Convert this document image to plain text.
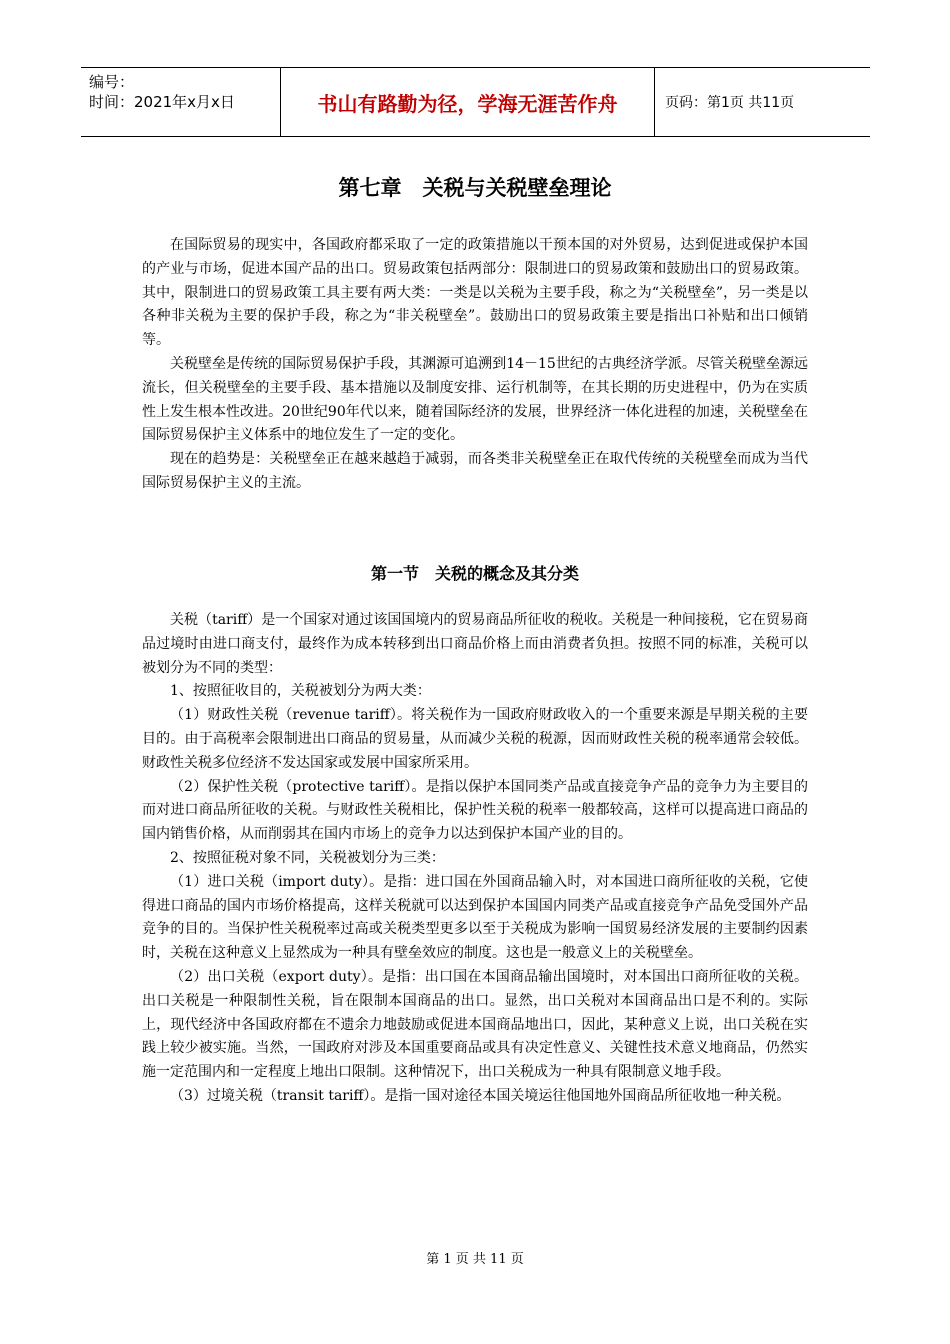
编号：
时间：2021年x月x日	书山有路勤为径，学海无涯苦作舟	页码：第1页 共11页
第七章　关税与关税壁垒理论

在国际贸易的现实中，各国政府都采取了一定的政策措施以干预本国的对外贸易，达到促进或保护本国的产业与市场，促进本国产品的出口。贸易政策包括两部分：限制进口的贸易政策和鼓励出口的贸易政策。其中，限制进口的贸易政策工具主要有两大类：一类是以关税为主要手段，称之为“关税壁垒”，另一类是以各种非关税为主要的保护手段，称之为“非关税壁垒”。鼓励出口的贸易政策主要是指出口补贴和出口倾销等。

关税壁垒是传统的国际贸易保护手段，其渊源可追溯到14－15世纪的古典经济学派。尽管关税壁垒源远流长，但关税壁垒的主要手段、基本措施以及制度安排、运行机制等，在其长期的历史进程中，仍为在实质性上发生根本性改进。20世纪90年代以来，随着国际经济的发展，世界经济一体化进程的加速，关税壁垒在国际贸易保护主义体系中的地位发生了一定的变化。

现在的趋势是：关税壁垒正在越来越趋于减弱，而各类非关税壁垒正在取代传统的关税壁垒而成为当代国际贸易保护主义的主流。

第一节　关税的概念及其分类

关税（tariff）是一个国家对通过该国国境内的贸易商品所征收的税收。关税是一种间接税，它在贸易商品过境时由进口商支付，最终作为成本转移到出口商品价格上而由消费者负担。按照不同的标准，关税可以被划分为不同的类型：

1、按照征收目的，关税被划分为两大类：

（1）财政性关税（revenue tariff）。将关税作为一国政府财政收入的一个重要来源是早期关税的主要目的。由于高税率会限制进出口商品的贸易量，从而减少关税的税源，因而财政性关税的税率通常会较低。财政性关税多位经济不发达国家或发展中国家所采用。

（2）保护性关税（protective tariff）。是指以保护本国同类产品或直接竞争产品的竞争力为主要目的而对进口商品所征收的关税。与财政性关税相比，保护性关税的税率一般都较高，这样可以提高进口商品的国内销售价格，从而削弱其在国内市场上的竞争力以达到保护本国产业的目的。

2、按照征税对象不同，关税被划分为三类：

（1）进口关税（import duty）。是指：进口国在外国商品输入时，对本国进口商所征收的关税，它使得进口商品的国内市场价格提高，这样关税就可以达到保护本国国内同类产品或直接竞争产品免受国外产品竞争的目的。当保护性关税税率过高或关税类型更多以至于关税成为影响一国贸易经济发展的主要制约因素时，关税在这种意义上显然成为一种具有壁垒效应的制度。这也是一般意义上的关税壁垒。

（2）出口关税（export duty）。是指：出口国在本国商品输出国境时，对本国出口商所征收的关税。出口关税是一种限制性关税，旨在限制本国商品的出口。显然，出口关税对本国商品出口是不利的。实际上，现代经济中各国政府都在不遗余力地鼓励或促进本国商品地出口，因此，某种意义上说，出口关税在实践上较少被实施。当然，一国政府对涉及本国重要商品或具有决定性意义、关键性技术意义地商品，仍然实施一定范围内和一定程度上地出口限制。这种情况下，出口关税成为一种具有限制意义地手段。

（3）过境关税（transit tariff）。是指一国对途径本国关境运往他国地外国商品所征收地一种关税。

第 1 页 共 11 页
